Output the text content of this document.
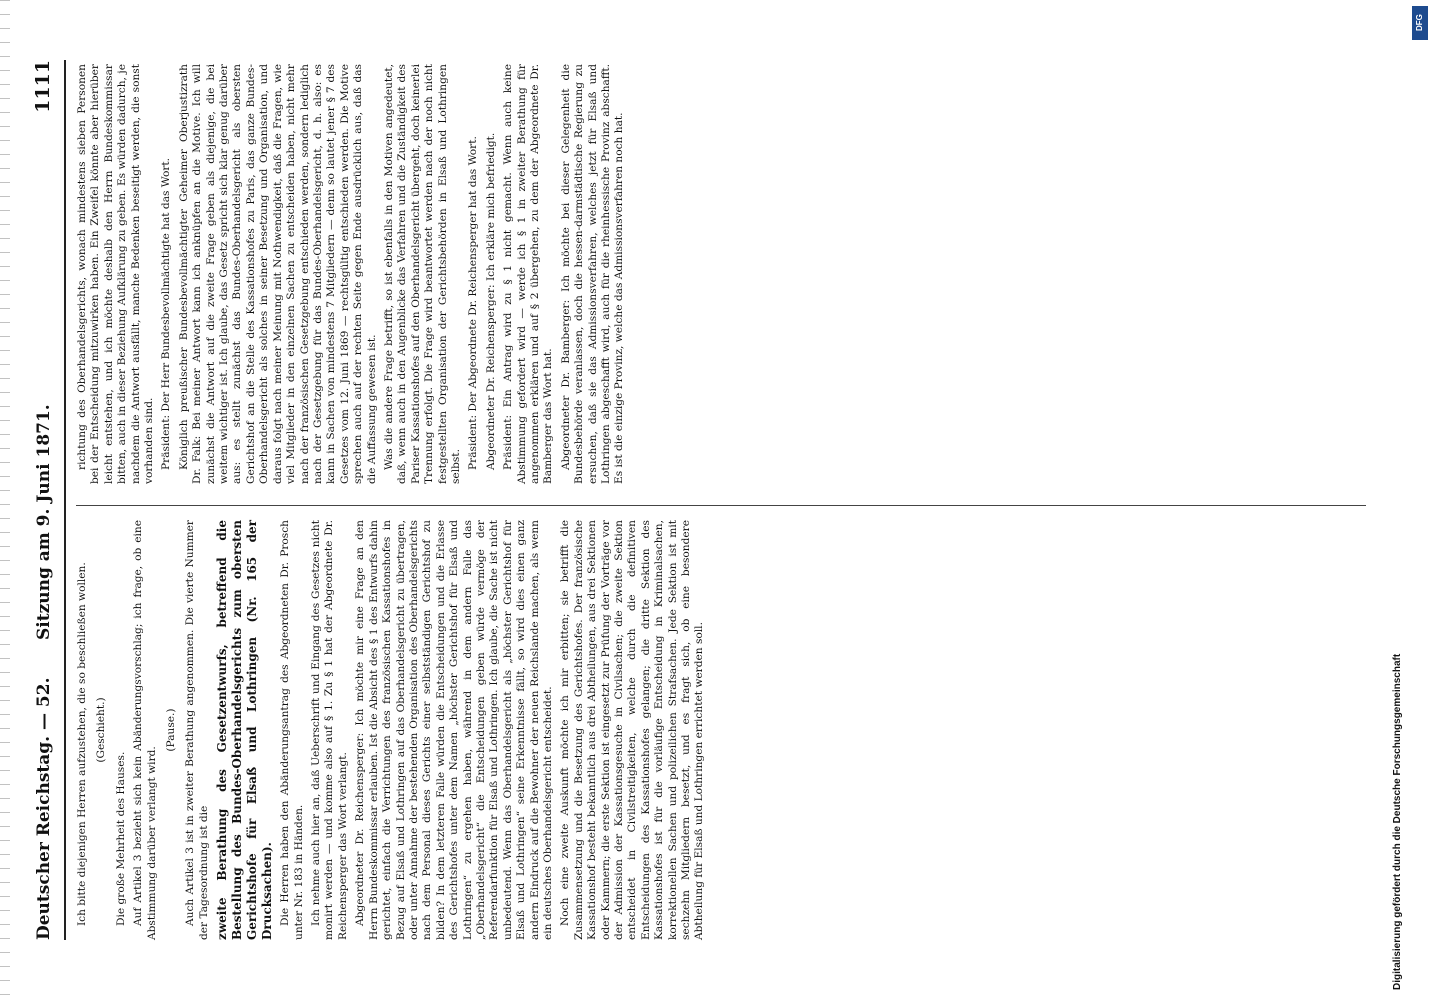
Deutscher Reichstag. — 52.
Sitzung am 9. Juni 1871.
1111

Ich bitte diejenigen Herren aufzustehen, die so beschließen wollen. (Geschieht.)

Die große Mehrheit des Hauses. Auf Artikel 3 bezieht sich kein Abänderungsvorschlag; ich frage, ob eine Abstimmung darüber verlangt wird.

(Pause.) Auch Artikel 3 ist in zweiter Berathung angenommen. Die vierte Nummer der Tagesordnung ist die zweite Berathung des Gesetzentwurfs, betreffend die Bestellung des Bundes-Oberhandelsgerichts zum obersten Gerichtshofe für Elsaß und Lothringen (Nr. 165 der Drucksachen). Die Herren haben den Abänderungsantrag des Abgeordneten Dr. Prosch unter Nr. 183 in Händen. Ich nehme auch hier an, daß Ueberschrift und Eingang des Gesetzes nicht monirt werden — und komme also auf § 1. Zu § 1 hat der Abgeordnete Dr. Reichensperger das Wort verlangt. Abgeordneter Dr. Reichensperger: Ich möchte mir eine Frage an den Herrn Bundeskommissar erlauben. Ist die Absicht des § 1 des Entwurfs dahin gerichtet, einfach die Verrichtungen des französischen Kassationshofes in Bezug auf Elsaß und Lothringen auf das Oberhandelsgericht zu übertragen, oder unter Annahme der bestehenden Organisation des Oberhandelsgerichts nach dem Personal dieses Gerichts einer selbstständigen Gerichtshof zu bilden? In dem letzteren Falle würden die Entscheidungen und die Erlasse des Gerichtshofes unter dem Namen „höchster Gerichtshof für Elsaß und Lothringen“ zu ergehen haben, während in dem andern Falle das „Oberhandelsgericht“ die Entscheidungen geben würde vermöge der Referendarfunktion für Elsaß und Lothringen. Ich glaube, die Sache ist nicht unbedeutend. Wenn das Oberhandelsgericht als „höchster Gerichtshof für Elsaß und Lothringen“ seine Erkenntnisse fällt, so wird dies einen ganz andern Eindruck auf die Bewohner der neuen Reichslande machen, als wenn ein deutsches Oberhandelsgericht entscheidet. Noch eine zweite Auskunft möchte ich mir erbitten; sie betrifft die Zusammensetzung und die Besetzung des Gerichtshofes. Der französische Kassationshof besteht bekanntlich aus drei Abtheilungen, aus drei Sektionen oder Kammern; die erste Sektion ist eingesetzt zur Prüfung der Vorträge vor der Admission der Kassationsgesuche in Civilsachen; die zweite Sektion entscheidet in Civilstreitigkeiten, welche durch die definitiven Entscheidungen des Kassationshofes gelangen; die dritte Sektion des Kassationshofes ist für die vorläufige Entscheidung in Kriminalsachen, korrektionellen Sachen und polizeilichen Strafsachen. Jede Sektion ist mit sechzehn Mitgliedern besetzt, und es fragt sich, ob eine besondere Abtheilung für Elsaß und Lothringen errichtet werden soll.

richtung des Oberhandelsgerichts, wonach mindestens sieben Personen bei der Entscheidung mitzuwirken haben. Ein Zweifel könnte aber hierüber leicht entstehen, und ich möchte deshalb den Herrn Bundeskommissar bitten, auch in dieser Beziehung Aufklärung zu geben. Es würden dadurch, je nachdem die Antwort ausfällt, manche Bedenken beseitigt werden, die sonst vorhanden sind. Präsident: Der Herr Bundesbevollmächtigte hat das Wort. Königlich preußischer Bundesbevollmächtigter Geheimer Oberjustizrath Dr. Falk: Bei meiner Antwort kann ich anknüpfen an die Motive. Ich will zunächst die Antwort auf die zweite Frage geben als diejenige, die bei weitem wichtiger ist. Ich glaube, das Gesetz spricht sich klar genug darüber aus: es stellt zunächst das Bundes-Oberhandelsgericht als obersten Gerichtshof an die Stelle des Kassationshofes zu Paris, das ganze Bundes-Oberhandelsgericht als solches in seiner Besetzung und Organisation, und daraus folgt nach meiner Meinung mit Nothwendigkeit, daß die Fragen, wie viel Mitglieder in den einzelnen Sachen zu entscheiden haben, nicht mehr nach der französischen Gesetzgebung entschieden werden, sondern lediglich nach der Gesetzgebung für das Bundes-Oberhandelsgericht, d. h. also: es kann in Sachen von mindestens 7 Mitgliedern — denn so lautet jener § 7 des Gesetzes vom 12. Juni 1869 — rechtsgültig entschieden werden. Die Motive sprechen auch auf der rechten Seite gegen Ende ausdrücklich aus, daß das die Auffassung gewesen ist. Was die andere Frage betrifft, so ist ebenfalls in den Motiven angedeutet, daß, wenn auch in den Augenblicke das Verfahren und die Zuständigkeit des Pariser Kassationshofes auf den Oberhandelsgericht übergeht, doch keinerlei Trennung erfolgt. Die Frage wird beantwortet werden nach der noch nicht festgestellten Organisation der Gerichtsbehörden in Elsaß und Lothringen selbst. Präsident: Der Abgeordnete Dr. Reichensperger hat das Wort. Abgeordneter Dr. Reichensperger: Ich erkläre mich befriedigt. Präsident: Ein Antrag wird zu § 1 nicht gemacht. Wenn auch keine Abstimmung gefordert wird — werde ich § 1 in zweiter Berathung für angenommen erklären und auf § 2 übergehen, zu dem der Abgeordnete Dr. Bamberger das Wort hat. Abgeordneter Dr. Bamberger: Ich möchte bei dieser Gelegenheit die Bundesbehörde veranlassen, doch die hessen-darmstädtische Regierung zu ersuchen, daß sie das Admissionsverfahren, welches jetzt für Elsaß und Lothringen abgeschafft wird, auch für die rheinhessische Provinz abschafft. Es ist die einzige Provinz, welche das Admissionsverfahren noch hat.

Digitalisierung gefördert durch die Deutsche Forschungsgemeinschaft
DFG
